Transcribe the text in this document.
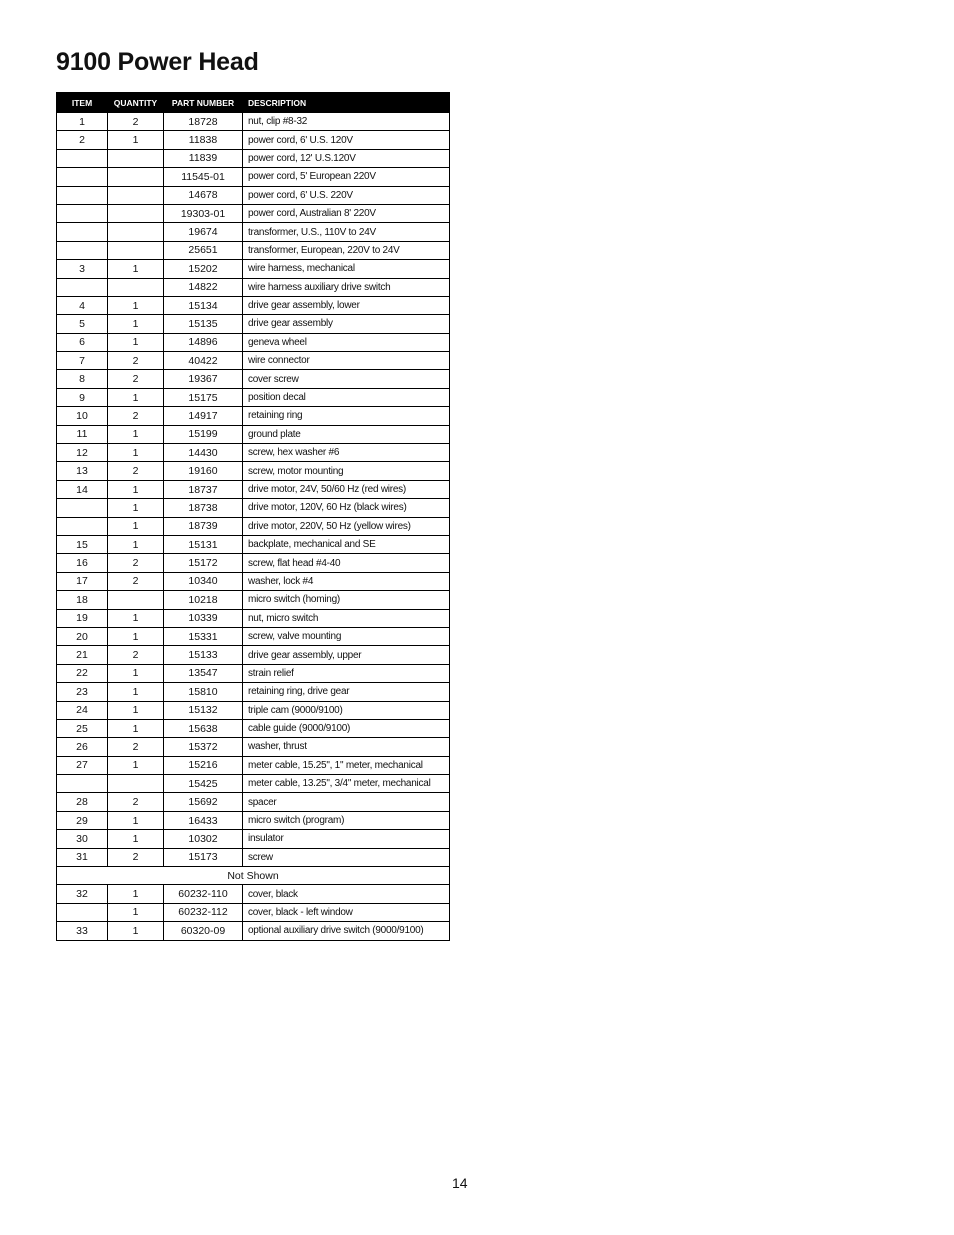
9100 Power Head
ITEM	QUANTITY	PART NUMBER	DESCRIPTION
1	2	18728	nut, clip #8-32
2	1	11838	power cord, 6' U.S. 120V
		11839	power cord, 12' U.S.120V
		11545-01	power cord, 5' European 220V
		14678	power cord, 6' U.S. 220V
		19303-01	power cord, Australian 8' 220V
		19674	transformer, U.S., 110V to 24V
		25651	transformer, European, 220V to 24V
3	1	15202	wire harness, mechanical
		14822	wire harness auxiliary drive switch
4	1	15134	drive gear assembly, lower
5	1	15135	drive gear assembly
6	1	14896	geneva wheel
7	2	40422	wire connector
8	2	19367	cover screw
9	1	15175	position decal
10	2	14917	retaining ring
11	1	15199	ground plate
12	1	14430	screw, hex washer #6
13	2	19160	screw, motor mounting
14	1	18737	drive motor, 24V, 50/60 Hz (red wires)
	1	18738	drive motor, 120V, 60 Hz (black wires)
	1	18739	drive motor, 220V, 50 Hz (yellow wires)
15	1	15131	backplate, mechanical and SE
16	2	15172	screw, flat head #4-40
17	2	10340	washer, lock #4
18		10218	micro switch (homing)
19	1	10339	nut, micro switch
20	1	15331	screw, valve mounting
21	2	15133	drive gear assembly, upper
22	1	13547	strain relief
23	1	15810	retaining ring, drive gear
24	1	15132	triple cam (9000/9100)
25	1	15638	cable guide (9000/9100)
26	2	15372	washer, thrust
27	1	15216	meter cable, 15.25", 1" meter, mechanical
		15425	meter cable, 13.25", 3/4" meter, mechanical
28	2	15692	spacer
29	1	16433	micro switch (program)
30	1	10302	insulator
31	2	15173	screw
Not Shown			
32	1	60232-110	cover, black
	1	60232-112	cover, black - left window
33	1	60320-09	optional auxiliary drive switch (9000/9100)
14
